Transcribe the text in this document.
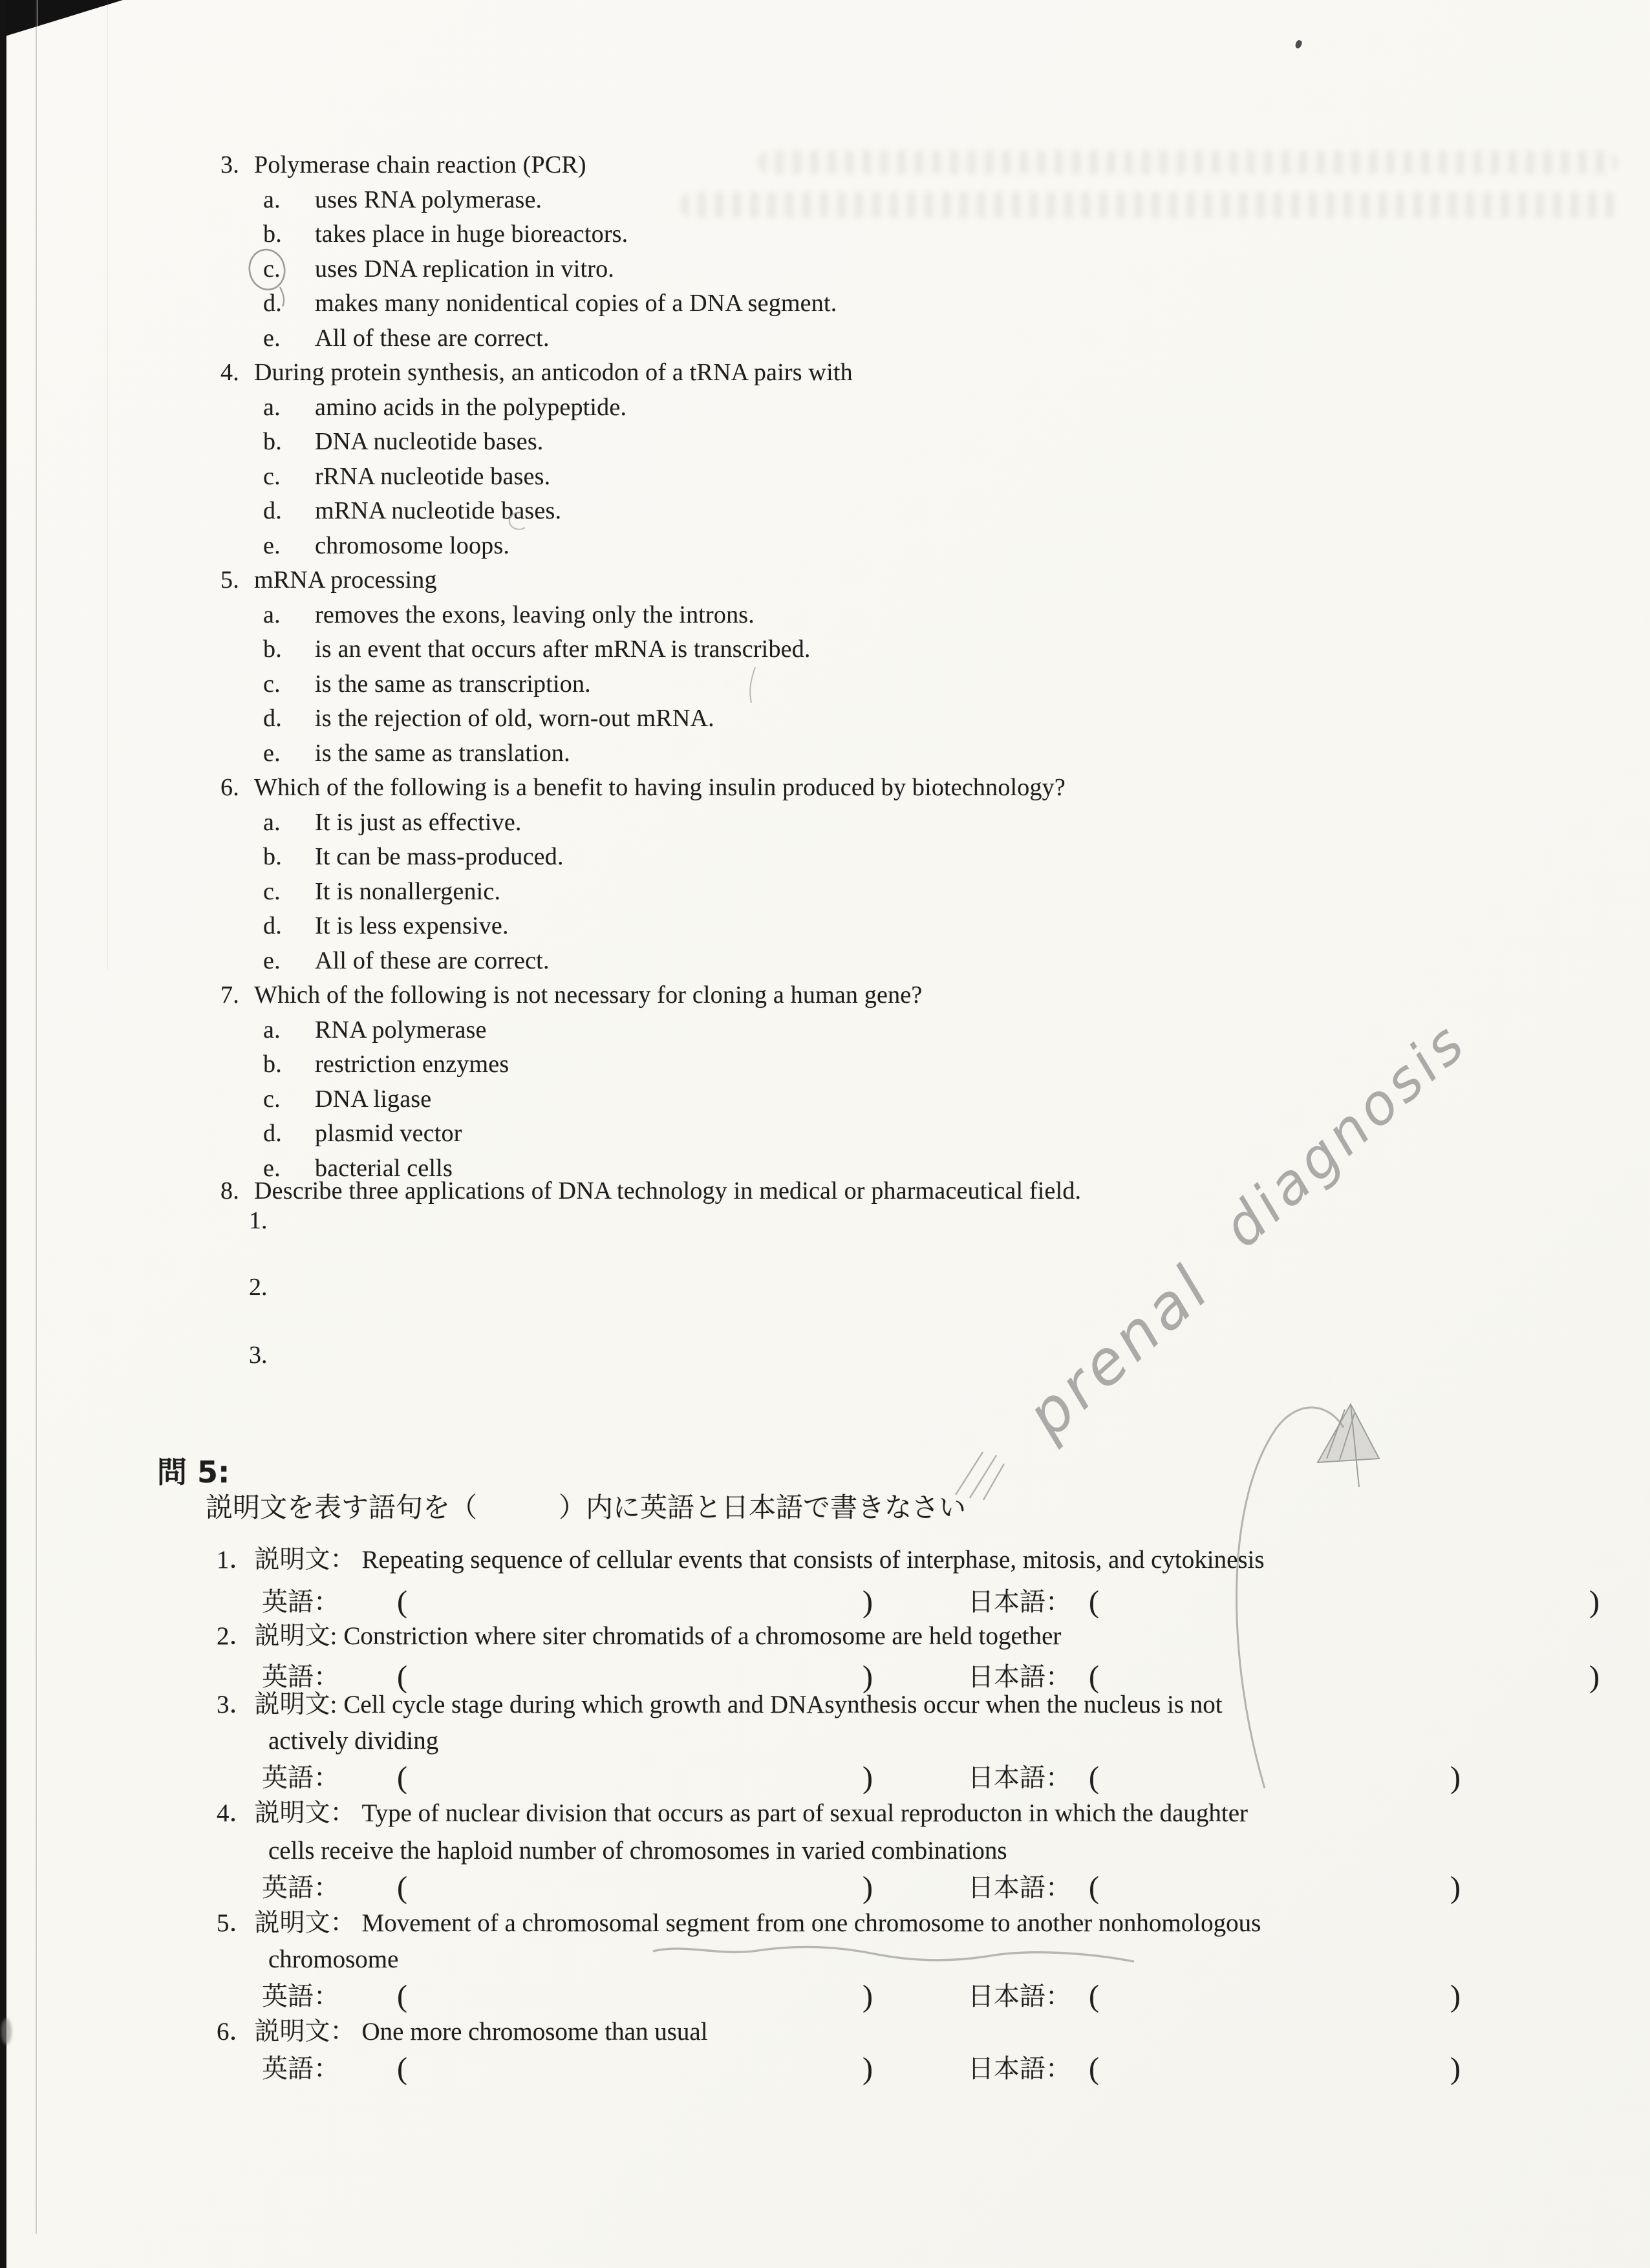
3. Polymerase chain reaction (PCR)
a. uses RNA polymerase.
b. takes place in huge bioreactors.
c. uses DNA replication in vitro.
d. makes many nonidentical copies of a DNA segment.
e. All of these are correct.
4. During protein synthesis, an anticodon of a tRNA pairs with
a. amino acids in the polypeptide.
b. DNA nucleotide bases.
c. rRNA nucleotide bases.
d. mRNA nucleotide bases.
e. chromosome loops.
5. mRNA processing
a. removes the exons, leaving only the introns.
b. is an event that occurs after mRNA is transcribed.
c. is the same as transcription.
d. is the rejection of old, worn-out mRNA.
e. is the same as translation.
6. Which of the following is a benefit to having insulin produced by biotechnology?
a. It is just as effective.
b. It can be mass-produced.
c. It is nonallergenic.
d. It is less expensive.
e. All of these are correct.
7. Which of the following is not necessary for cloning a human gene?
a. RNA polymerase
b. restriction enzymes
c. DNA ligase
d. plasmid vector
e. bacterial cells
8. Describe three applications of DNA technology in medical or pharmaceutical field.
1.
2.
3.
問 5:
説明文を表す語句を（　　　）内に英語と日本語で書きなさい
1．説明文： Repeating sequence of cellular events that consists of interphase, mitosis, and cytokinesis
英語： (	)	日本語： (	)
2．説明文: Constriction where siter chromatids of a chromosome are held together
英語： (	)	日本語： (	)
3．説明文: Cell cycle stage during which growth and DNAsynthesis occur when the nucleus is not
actively dividing
英語： (	)	日本語： (	)
4．説明文： Type of nuclear division that occurs as part of sexual reproducton in which the daughter
cells receive the haploid number of chromosomes in varied combinations
英語： (	)	日本語： (	)
5．説明文： Movement of a chromosomal segment from one chromosome to another nonhomologous
chromosome
英語： (	)	日本語： (	)
6．説明文： One more chromosome than usual
英語： (	)	日本語： (	)
prenal
diagnosis
